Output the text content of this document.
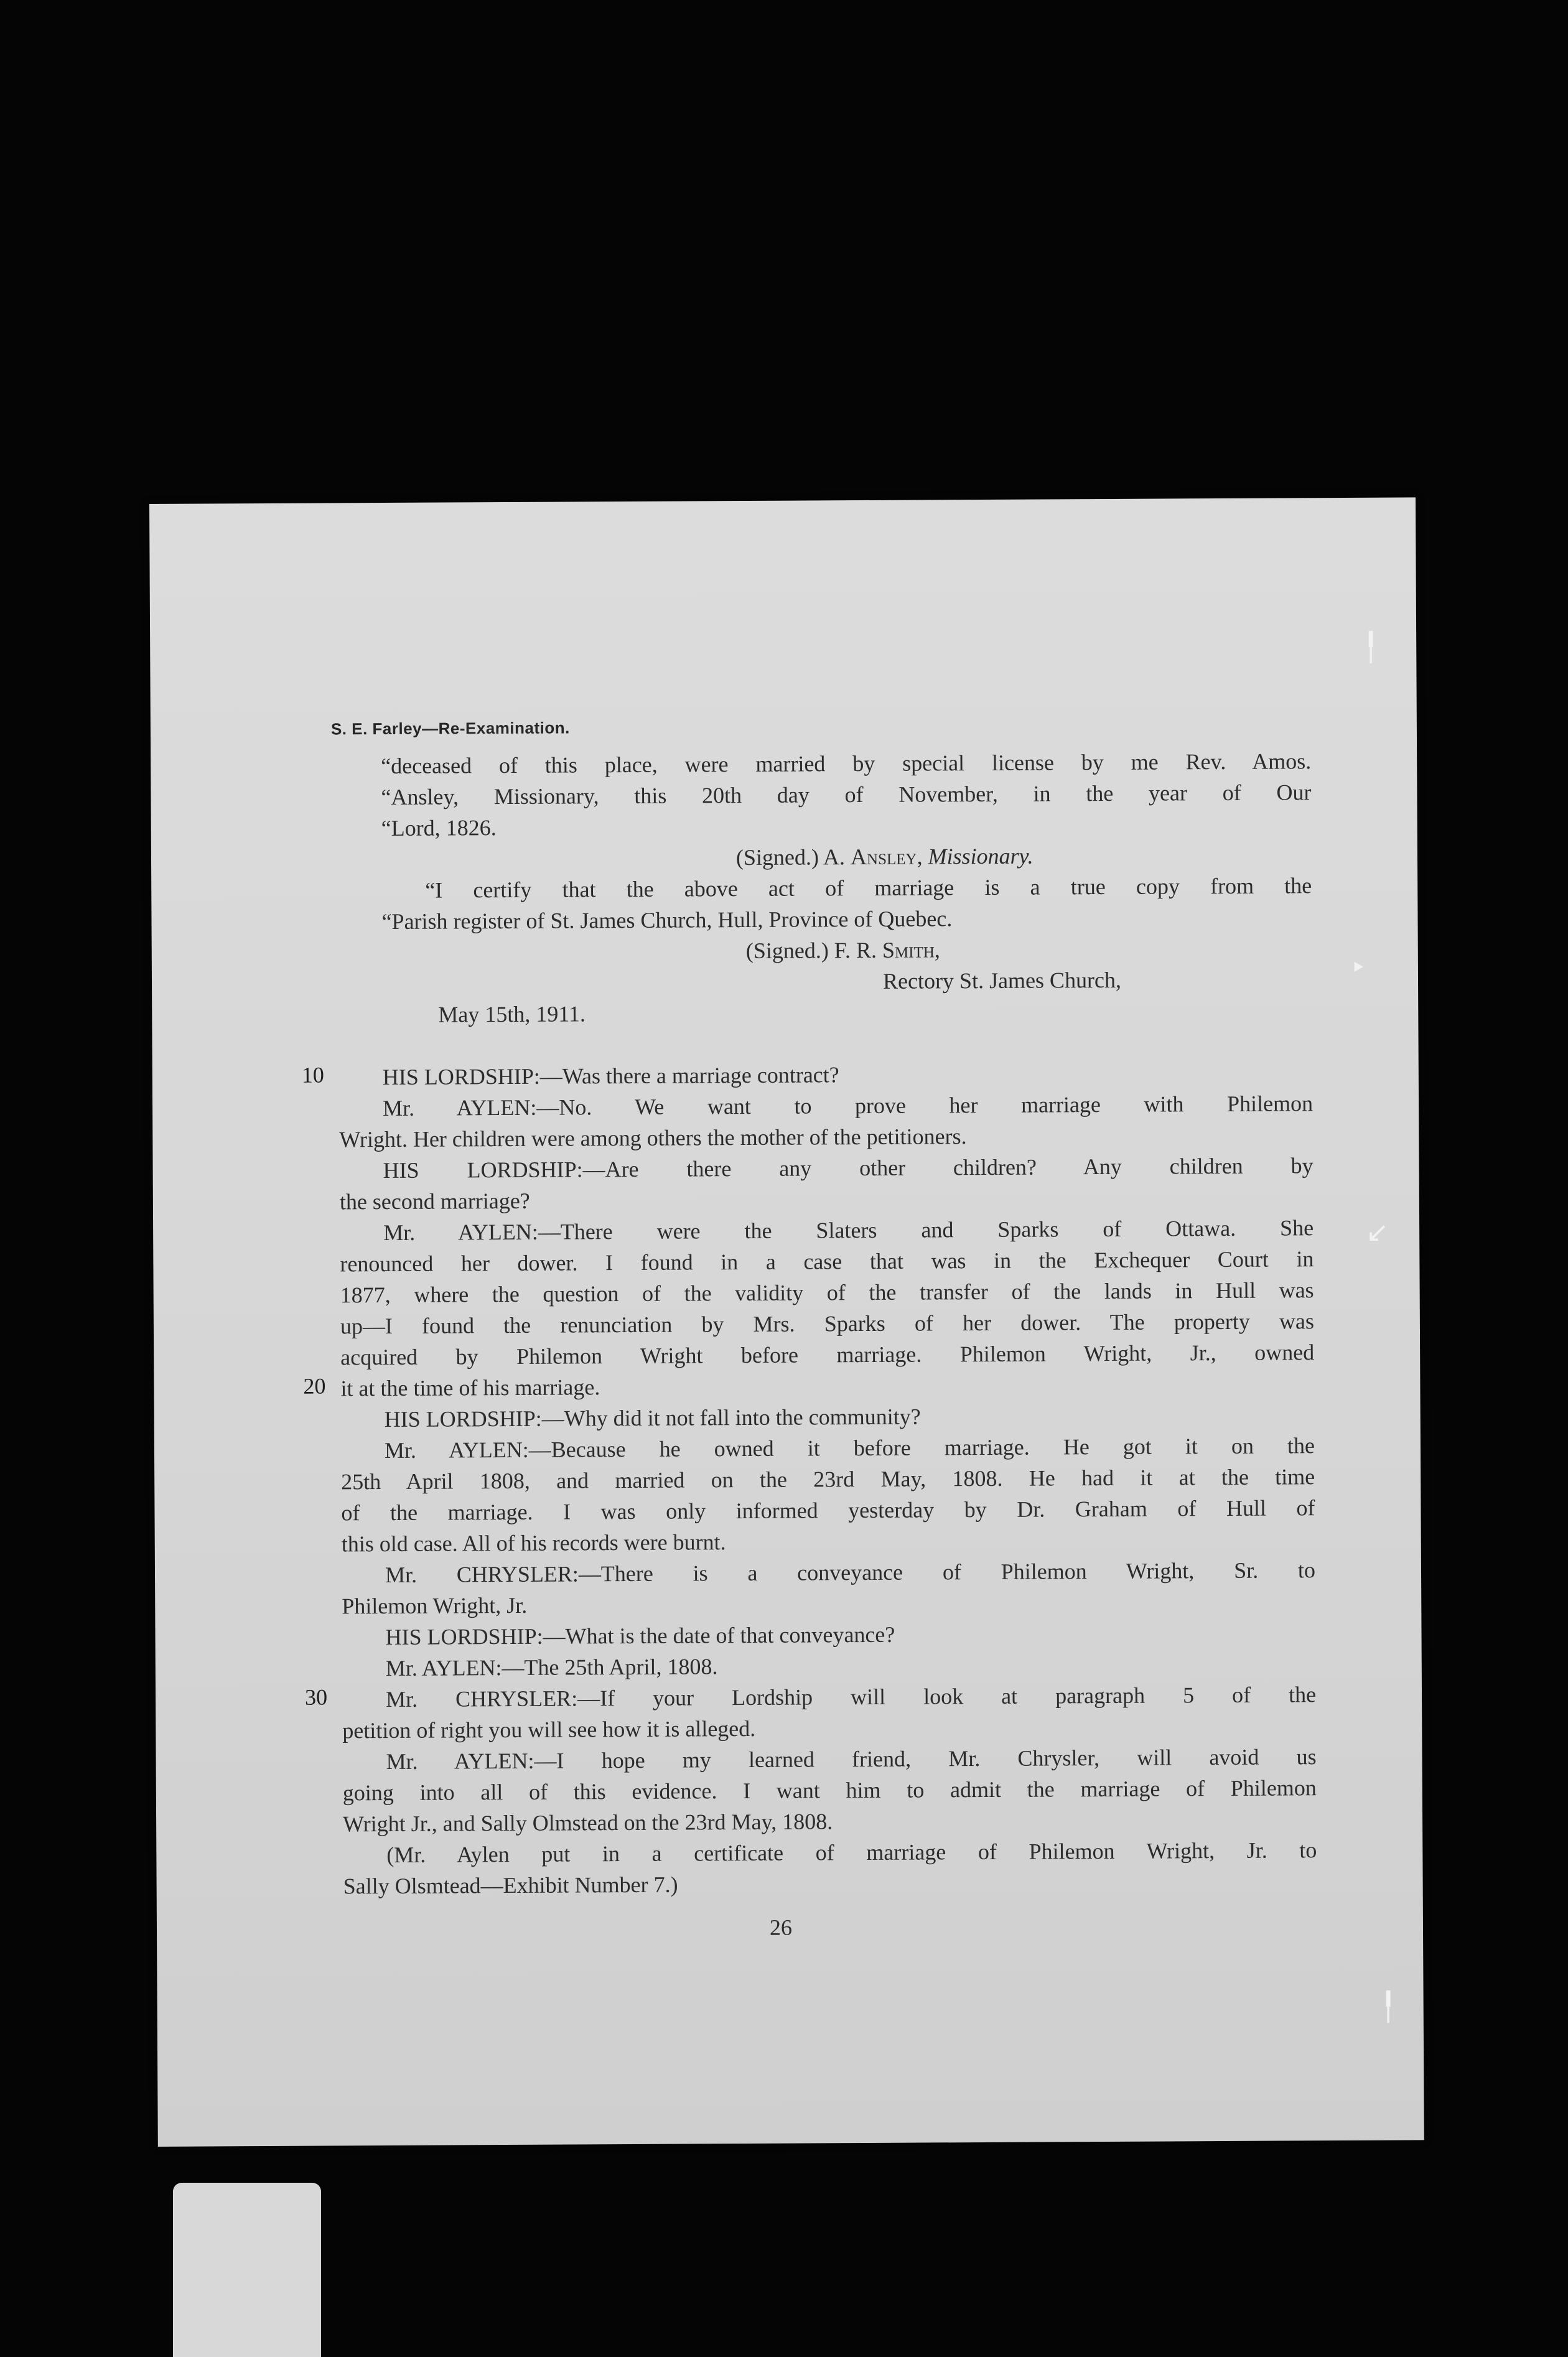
S. E. Farley—Re-Examination.
“deceased of this place, were married by special license by me Rev. Amos.
“Ansley, Missionary, this 20th day of November, in the year of Our
“Lord, 1826.
(Signed.) A. Ansley, Missionary.
“I certify that the above act of marriage is a true copy from the
“Parish register of St. James Church, Hull, Province of Quebec.
(Signed.) F. R. Smith,
Rectory St. James Church,
May 15th, 1911.
10
20
30
HIS LORDSHIP:—Was there a marriage contract?
Mr. AYLEN:—No. We want to prove her marriage with Philemon
Wright. Her children were among others the mother of the petitioners.
HIS LORDSHIP:—Are there any other children? Any children by
the second marriage?
Mr. AYLEN:—There were the Slaters and Sparks of Ottawa. She
renounced her dower. I found in a case that was in the Exchequer Court in
1877, where the question of the validity of the transfer of the lands in Hull was
up—I found the renunciation by Mrs. Sparks of her dower. The property was
acquired by Philemon Wright before marriage. Philemon Wright, Jr., owned
it at the time of his marriage.
HIS LORDSHIP:—Why did it not fall into the community?
Mr. AYLEN:—Because he owned it before marriage. He got it on the
25th April 1808, and married on the 23rd May, 1808. He had it at the time
of the marriage. I was only informed yesterday by Dr. Graham of Hull of
this old case. All of his records were burnt.
Mr. CHRYSLER:—There is a conveyance of Philemon Wright, Sr. to
Philemon Wright, Jr.
HIS LORDSHIP:—What is the date of that conveyance?
Mr. AYLEN:—The 25th April, 1808.
Mr. CHRYSLER:—If your Lordship will look at paragraph 5 of the
petition of right you will see how it is alleged.
Mr. AYLEN:—I hope my learned friend, Mr. Chrysler, will avoid us
going into all of this evidence. I want him to admit the marriage of Philemon
Wright Jr., and Sally Olmstead on the 23rd May, 1808.
(Mr. Aylen put in a certificate of marriage of Philemon Wright, Jr. to
Sally Olsmtead—Exhibit Number 7.)
26
╿
‣
↙
╿
